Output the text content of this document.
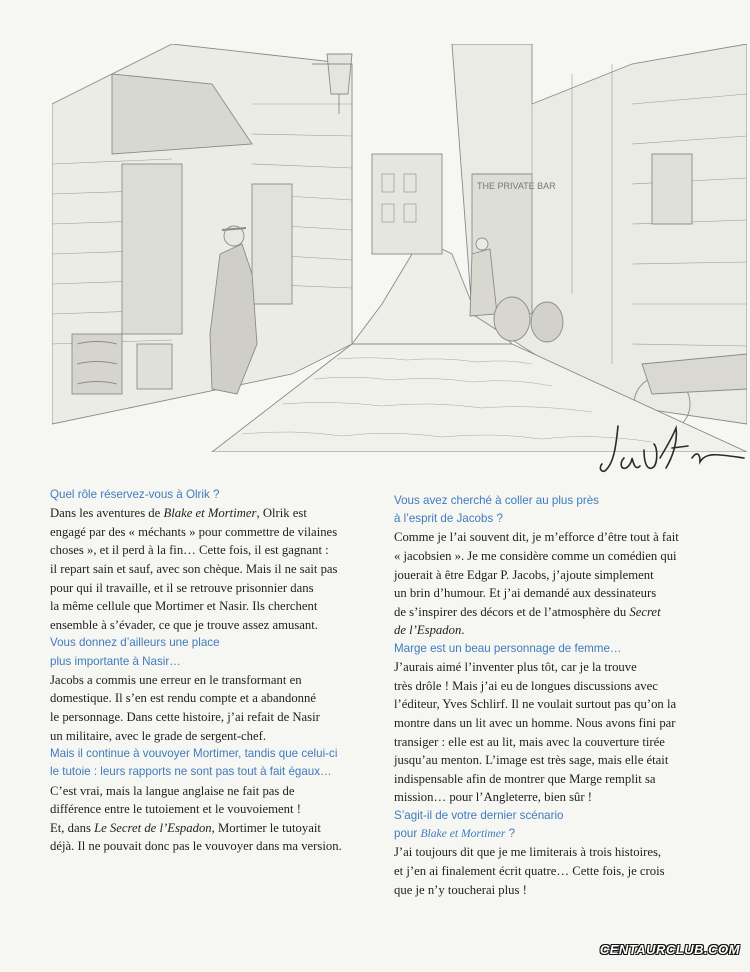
THE PRIVATE BAR

Quel rôle réservez-vous à Olrik ?

Dans les aventures de Blake et Mortimer, Olrik est
engagé par des « méchants » pour commettre de vilaines
choses », et il perd à la fin… Cette fois, il est gagnant :
il repart sain et sauf, avec son chèque. Mais il ne sait pas
pour qui il travaille, et il se retrouve prisonnier dans
la même cellule que Mortimer et Nasir. Ils cherchent
ensemble à s’évader, ce que je trouve assez amusant.

Vous donnez d’ailleurs une place
plus importante à Nasir…

Jacobs a commis une erreur en le transformant en
domestique. Il s’en est rendu compte et a abandonné
le personnage. Dans cette histoire, j’ai refait de Nasir
un militaire, avec le grade de sergent-chef.

Mais il continue à vouvoyer Mortimer, tandis que celui-ci
le tutoie : leurs rapports ne sont pas tout à fait égaux…

C’est vrai, mais la langue anglaise ne fait pas de
différence entre le tutoiement et le vouvoiement !
Et, dans Le Secret de l’Espadon, Mortimer le tutoyait
déjà. Il ne pouvait donc pas le vouvoyer dans ma version.

Vous avez cherché à coller au plus près
à l’esprit de Jacobs ?

Comme je l’ai souvent dit, je m’efforce d’être tout à fait
« jacobsien ». Je me considère comme un comédien qui
jouerait à être Edgar P. Jacobs, j’ajoute simplement
un brin d’humour. Et j’ai demandé aux dessinateurs
de s’inspirer des décors et de l’atmosphère du Secret
de l’Espadon.

Marge est un beau personnage de femme…

J’aurais aimé l’inventer plus tôt, car je la trouve
très drôle ! Mais j’ai eu de longues discussions avec
l’éditeur, Yves Schlirf. Il ne voulait surtout pas qu’on la
montre dans un lit avec un homme. Nous avons fini par
transiger : elle est au lit, mais avec la couverture tirée
jusqu’au menton. L’image est très sage, mais elle était
indispensable afin de montrer que Marge remplit sa
mission… pour l’Angleterre, bien sûr !

S’agit-il de votre dernier scénario
pour Blake et Mortimer ?

J’ai toujours dit que je me limiterais à trois histoires,
et j’en ai finalement écrit quatre… Cette fois, je crois
que je n’y toucherai plus !

CENTAURCLUB.COM
